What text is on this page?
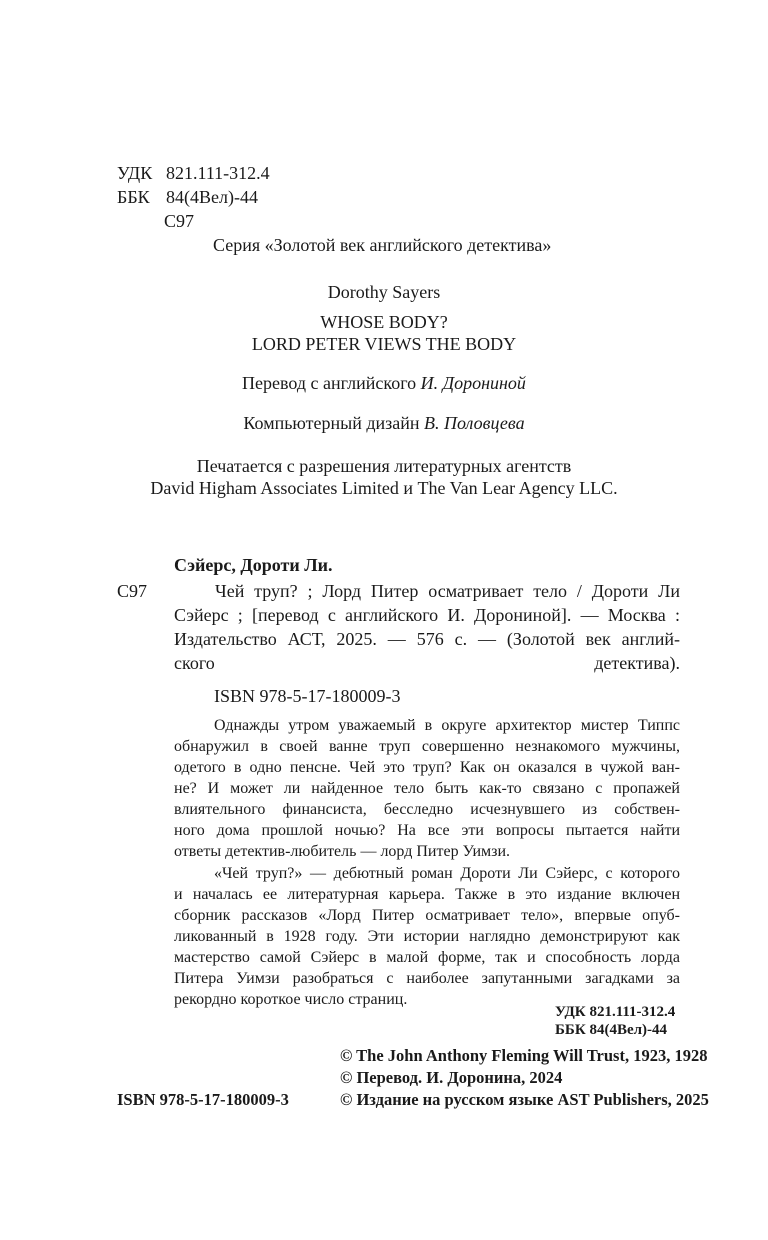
УДК 821.111-312.4
ББК 84(4Вел)-44
С97
Серия «Золотой век английского детектива»
Dorothy Sayers
WHOSE BODY?
LORD PETER VIEWS THE BODY
Перевод с английского И. Дорониной
Компьютерный дизайн В. Половцева
Печатается с разрешения литературных агентств
David Higham Associates Limited и The Van Lear Agency LLC.
Сэйерс, Дороти Ли.
С97	Чей труп? ; Лорд Питер осматривает тело / Дороти Ли
Сэйерс ; [перевод с английского И. Дорониной]. — Москва :
Издательство АСТ, 2025. — 576 с. — (Золотой век англий-
ского детектива).
ISBN 978-5-17-180009-3
Однажды утром уважаемый в округе архитектор мистер Типпс
обнаружил в своей ванне труп совершенно незнакомого мужчины,
одетого в одно пенсне. Чей это труп? Как он оказался в чужой ван-
не? И может ли найденное тело быть как-то связано с пропажей
влиятельного финансиста, бесследно исчезнувшего из собствен-
ного дома прошлой ночью? На все эти вопросы пытается найти
ответы детектив-любитель — лорд Питер Уимзи.
«Чей труп?» — дебютный роман Дороти Ли Сэйерс, с которого
и началась ее литературная карьера. Также в это издание включен
сборник рассказов «Лорд Питер осматривает тело», впервые опуб-
ликованный в 1928 году. Эти истории наглядно демонстрируют как
мастерство самой Сэйерс в малой форме, так и способность лорда
Питера Уимзи разобраться с наиболее запутанными загадками за
рекордно короткое число страниц.
УДК 821.111-312.4
ББК 84(4Вел)-44
© The John Anthony Fleming Will Trust, 1923, 1928
© Перевод. И. Доронина, 2024
ISBN 978-5-17-180009-3	© Издание на русском языке AST Publishers, 2025
